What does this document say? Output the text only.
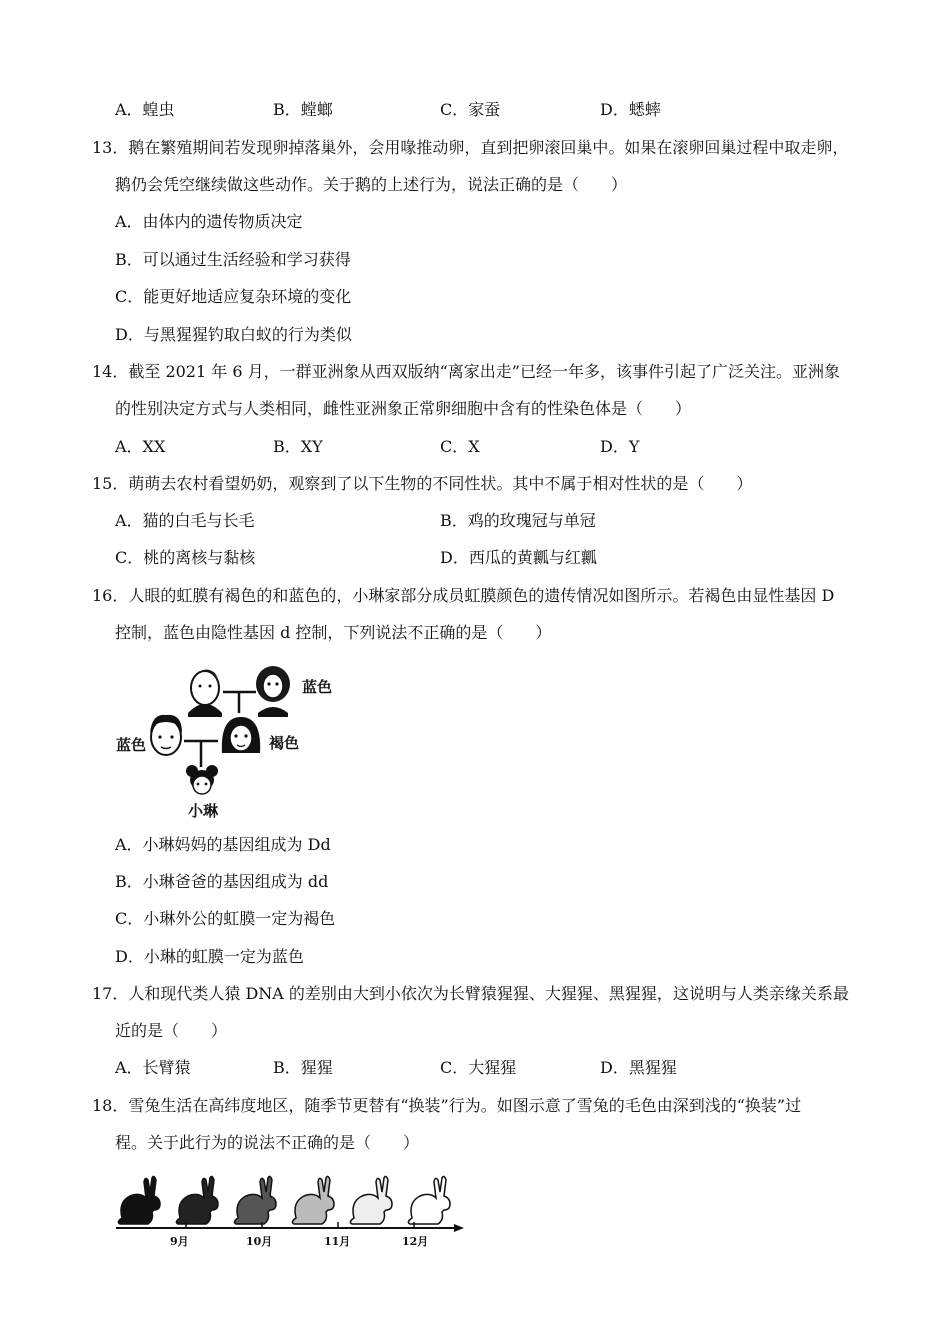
A．蝗虫	B．螳螂	C．家蚕	D．蟋蟀
13．鹅在繁殖期间若发现卵掉落巢外，会用喙推动卵，直到把卵滚回巢中。如果在滚卵回巢过程中取走卵，
鹅仍会凭空继续做这些动作。关于鹅的上述行为，说法正确的是（　　）
A．由体内的遗传物质决定
B．可以通过生活经验和学习获得
C．能更好地适应复杂环境的变化
D．与黑猩猩钓取白蚁的行为类似
14．截至 2021 年 6 月，一群亚洲象从西双版纳“离家出走”已经一年多，该事件引起了广泛关注。亚洲象
的性别决定方式与人类相同，雌性亚洲象正常卵细胞中含有的性染色体是（　　）
A．XX	B．XY	C．X	D．Y
15．萌萌去农村看望奶奶，观察到了以下生物的不同性状。其中不属于相对性状的是（　　）
A．猫的白毛与长毛	B．鸡的玫瑰冠与单冠
C．桃的离核与黏核	D．西瓜的黄瓤与红瓤
16．人眼的虹膜有褐色的和蓝色的，小琳家部分成员虹膜颜色的遗传情况如图所示。若褐色由显性基因 D
控制，蓝色由隐性基因 d 控制，下列说法不正确的是（　　）
蓝色
蓝色	褐色
小琳
A．小琳妈妈的基因组成为 Dd
B．小琳爸爸的基因组成为 dd
C．小琳外公的虹膜一定为褐色
D．小琳的虹膜一定为蓝色
17．人和现代类人猿 DNA 的差别由大到小依次为长臂猿猩猩、大猩猩、黑猩猩，这说明与人类亲缘关系最
近的是（　　）
A．长臂猿	B．猩猩	C．大猩猩	D．黑猩猩
18．雪兔生活在高纬度地区，随季节更替有“换装”行为。如图示意了雪兔的毛色由深到浅的“换装”过
程。关于此行为的说法不正确的是（　　）
9月	10月	11月	12月
